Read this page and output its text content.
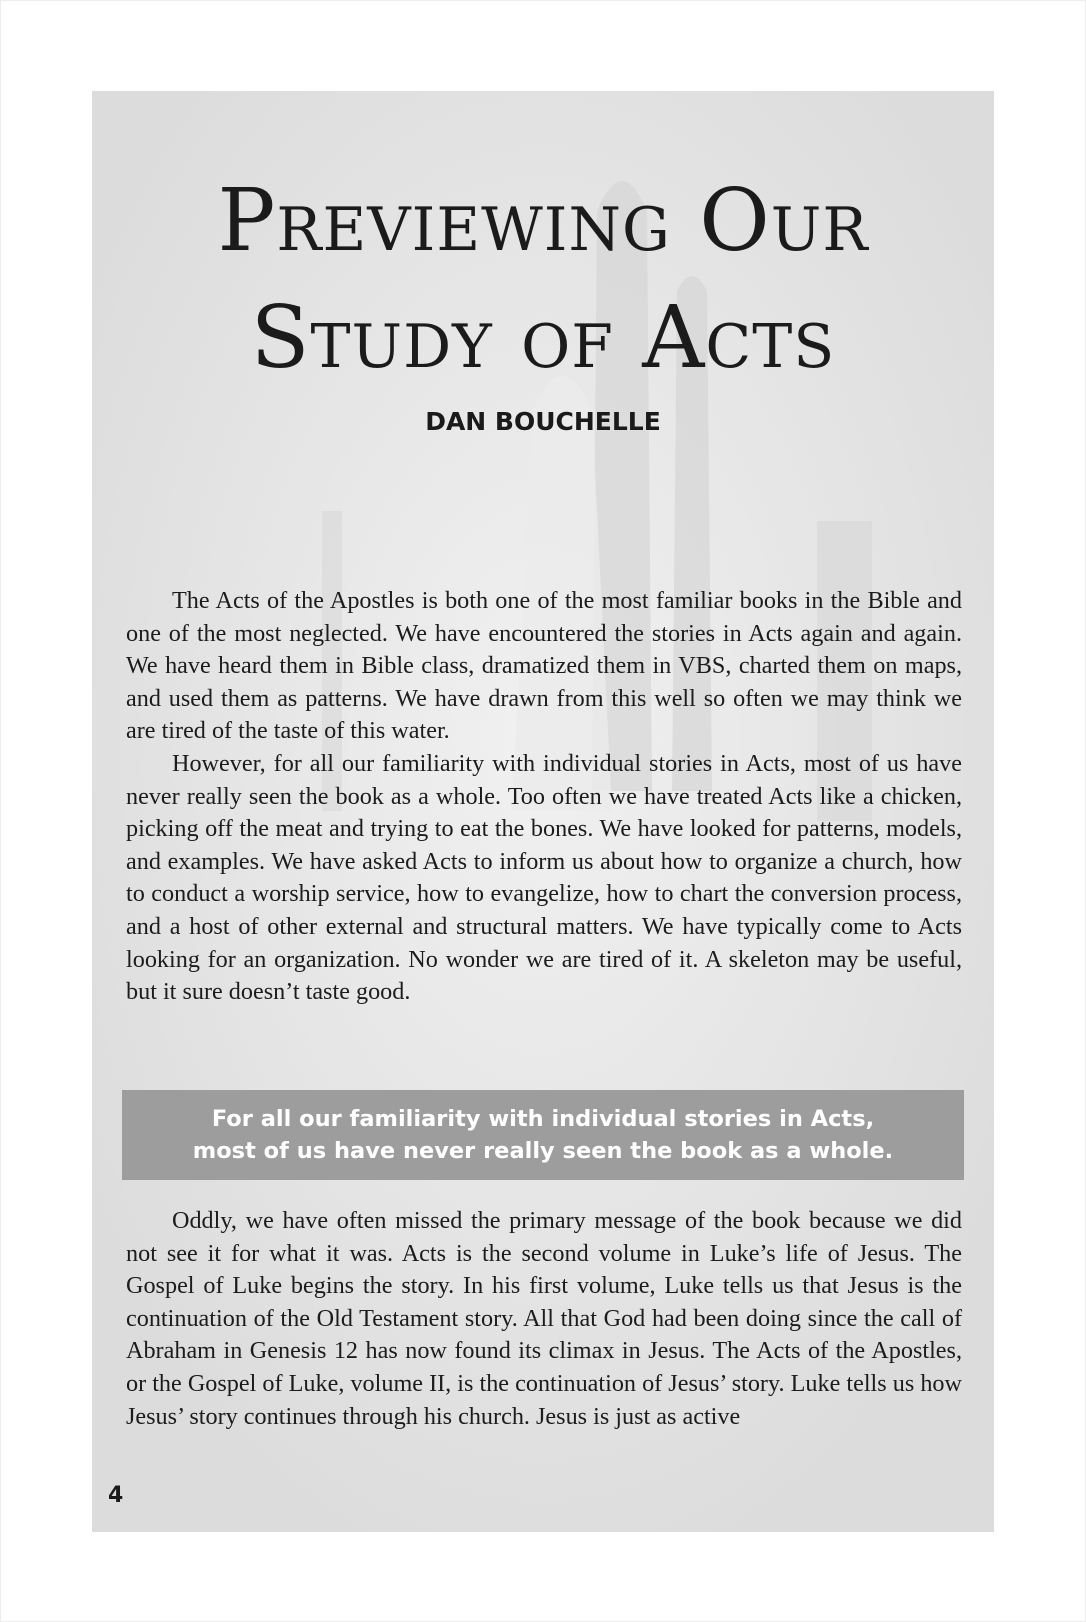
Previewing Our
Study of Acts
DAN BOUCHELLE

The Acts of the Apostles is both one of the most familiar books in the Bible and one of the most neglected. We have encountered the stories in Acts again and again. We have heard them in Bible class, dramatized them in VBS, charted them on maps, and used them as patterns. We have drawn from this well so often we may think we are tired of the taste of this water.

However, for all our familiarity with individual stories in Acts, most of us have never really seen the book as a whole. Too often we have treated Acts like a chicken, picking off the meat and trying to eat the bones. We have looked for patterns, models, and examples. We have asked Acts to inform us about how to organize a church, how to conduct a worship service, how to evangelize, how to chart the conversion process, and a host of other external and structural matters. We have typically come to Acts looking for an organization. No wonder we are tired of it. A skeleton may be useful, but it sure doesn’t taste good.

For all our familiarity with individual stories in Acts,
most of us have never really seen the book as a whole.

Oddly, we have often missed the primary message of the book because we did not see it for what it was. Acts is the second volume in Luke’s life of Jesus. The Gospel of Luke begins the story. In his first volume, Luke tells us that Jesus is the continuation of the Old Testament story. All that God had been doing since the call of Abraham in Genesis 12 has now found its climax in Jesus. The Acts of the Apostles, or the Gospel of Luke, volume II, is the continuation of Jesus’ story. Luke tells us how Jesus’ story continues through his church. Jesus is just as active

4
